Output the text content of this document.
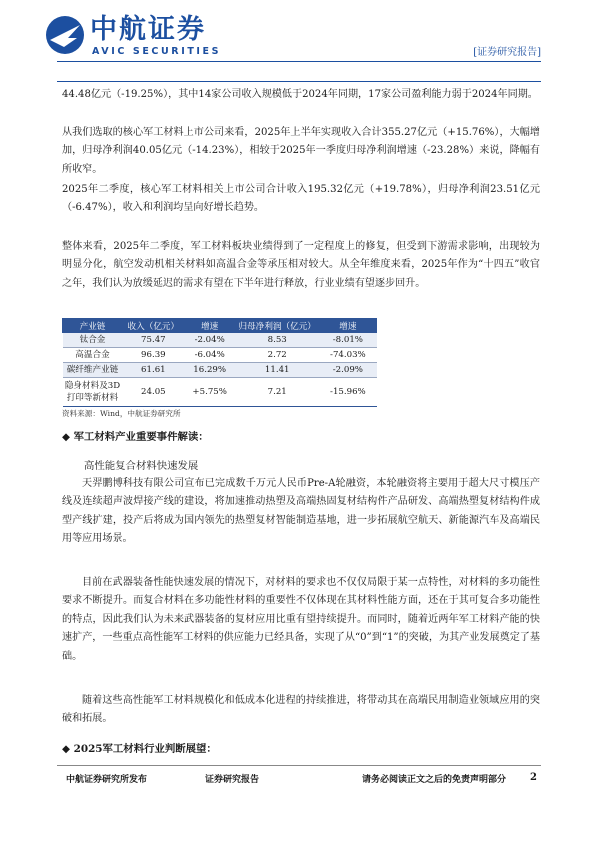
中航证券
AVIC SECURITIES	[证券研究报告]
44.48亿元（-19.25%），其中14家公司收入规模低于2024年同期，17家公司盈利能力弱于2024年同期。
从我们选取的核心军工材料上市公司来看，2025年上半年实现收入合计355.27亿元（+15.76%），大幅增加，归母净利润40.05亿元（-14.23%），相较于2025年一季度归母净利润增速（-23.28%）来说，降幅有所收窄。
2025年二季度，核心军工材料相关上市公司合计收入195.32亿元（+19.78%），归母净利润23.51亿元（-6.47%），收入和利润均呈向好增长趋势。
整体来看，2025年二季度，军工材料板块业绩得到了一定程度上的修复，但受到下游需求影响，出现较为明显分化，航空发动机相关材料如高温合金等承压相对较大。从全年维度来看，2025年作为“十四五”收官之年，我们认为放缓延迟的需求有望在下半年进行释放，行业业绩有望逐步回升。
产业链	收入（亿元）	增速	归母净利润（亿元）	增速
钛合金	75.47	-2.04%	8.53	-8.01%
高温合金	96.39	-6.04%	2.72	-74.03%
碳纤维产业链	61.61	16.29%	11.41	-2.09%
隐身材料及3D打印等新材料	24.05	+5.75%	7.21	-15.96%
资料来源：Wind，中航证券研究所
◆ 军工材料产业重要事件解读：
高性能复合材料快速发展
天羿鹏博科技有限公司宣布已完成数千万元人民币Pre-A轮融资，本轮融资将主要用于超大尺寸模压产线及连续超声波焊接产线的建设，将加速推动热塑及高端热固复材结构件产品研发、高端热塑复材结构件成型产线扩建，投产后将成为国内领先的热塑复材智能制造基地，进一步拓展航空航天、新能源汽车及高端民用等应用场景。
目前在武器装备性能快速发展的情况下，对材料的要求也不仅仅局限于某一点特性，对材料的多功能性要求不断提升。而复合材料在多功能性材料的重要性不仅体现在其材料性能方面，还在于其可复合多功能性的特点，因此我们认为未来武器装备的复材应用比重有望持续提升。而同时，随着近两年军工材料产能的快速扩产，一些重点高性能军工材料的供应能力已经具备，实现了从“0”到“1”的突破，为其产业发展奠定了基础。
随着这些高性能军工材料规模化和低成本化进程的持续推进，将带动其在高端民用制造业领域应用的突破和拓展。
◆ 2025军工材料行业判断展望：
中航证券研究所发布	证券研究报告	请务必阅读正文之后的免责声明部分 2
